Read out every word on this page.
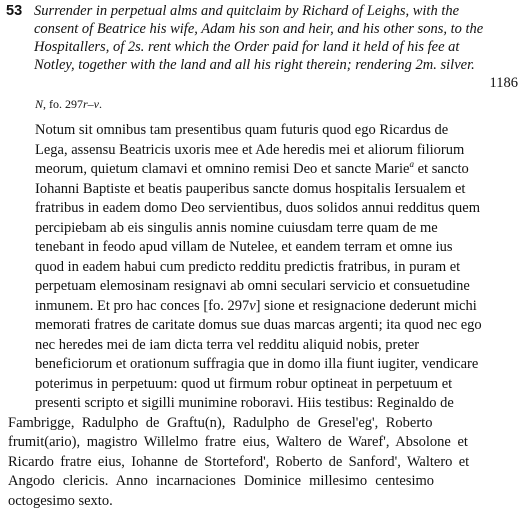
53 Surrender in perpetual alms and quitclaim by Richard of Leighs, with the
consent of Beatrice his wife, Adam his son and heir, and his other sons, to the
Hospitallers, of 2s. rent which the Order paid for land it held of his fee at
Notley, together with the land and all his right therein; rendering 2m. silver.
1186
N, fo. 297r–v.
Notum sit omnibus tam presentibus quam futuris quod ego Ricardus de
Lega, assensu Beatricis uxoris mee et Ade heredis mei et aliorum filiorum
meorum, quietum clamavi et omnino remisi Deo et sancte Marie$^a$ et sancto
Iohanni Baptiste et beatis pauperibus sancte domus hospitalis Iersualem et
fratribus in eadem domo Deo servientibus, duos solidos annui redditus quem
percipiebam ab eis singulis annis nomine cuiusdam terre quam de me
tenebant in feodo apud villam de Nutelee, et eandem terram et omne ius
quod in eadem habui cum predicto redditu predictis fratribus, in puram et
perpetuam elemosinam resignavi ab omni seculari servicio et consuetudine
inmunem. Et pro hac conces [fo. 297v] sione et resignacione dederunt michi
memorati fratres de caritate domus sue duas marcas argenti; ita quod nec ego
nec heredes mei de iam dicta terra vel redditu aliquid nobis, preter
beneficiorum et orationum suffragia que in domo illa fiunt iugiter, vendicare
poterimus in perpetuum: quod ut firmum robur optineat in perpetuum et
presenti scripto et sigilli munimine roboravi. Hiis testibus: Reginaldo de
Fambrigge, Radulpho de Graftu(n), Radulpho de Gresel'eg', Roberto
frumit(ario), magistro Willelmo fratre eius, Waltero de Waref', Absolone et
Ricardo fratre eius, Iohanne de Storteford', Roberto de Sanford', Waltero et
Angodo clericis. Anno incarnaciones Dominice millesimo centesimo
octogesimo sexto.
